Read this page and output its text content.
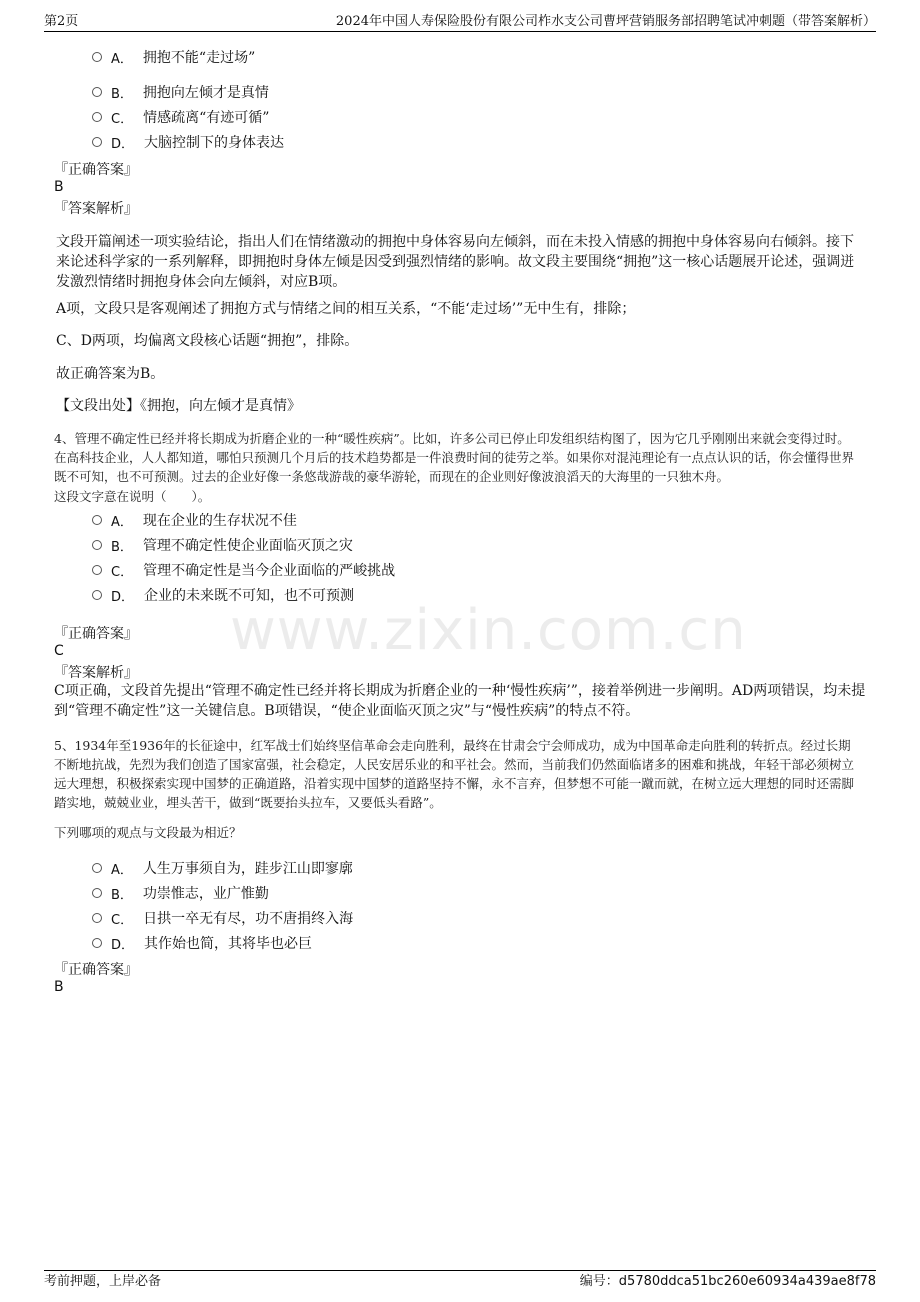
第2页	2024年中国人寿保险股份有限公司柞水支公司曹坪营销服务部招聘笔试冲刺题（带答案解析）
www.zixin.com.cn
A． 拥抱不能“走过场”
B． 拥抱向左倾才是真情
C． 情感疏离“有迹可循”
D． 大脑控制下的身体表达
『正确答案』
B
『答案解析』
文段开篇阐述一项实验结论，指出人们在情绪激动的拥抱中身体容易向左倾斜，而在未投入情感的拥抱中身体容易向右倾斜。接下来论述科学家的一系列解释，即拥抱时身体左倾是因受到强烈情绪的影响。故文段主要围绕“拥抱”这一核心话题展开论述，强调迸发激烈情绪时拥抱身体会向左倾斜，对应B项。
A项，文段只是客观阐述了拥抱方式与情绪之间的相互关系，“不能‘走过场’”无中生有，排除；
C、D两项，均偏离文段核心话题“拥抱”，排除。
故正确答案为B。
【文段出处】《拥抱，向左倾才是真情》
4、管理不确定性已经并将长期成为折磨企业的一种“暖性疾病”。比如，许多公司已停止印发组织结构图了，因为它几乎刚刚出来就会变得过时。在高科技企业，人人都知道，哪怕只预测几个月后的技术趋势都是一件浪费时间的徒劳之举。如果你对混沌理论有一点点认识的话，你会懂得世界既不可知，也不可预测。过去的企业好像一条悠哉游哉的豪华游轮，而现在的企业则好像波浪滔天的大海里的一只独木舟。
这段文字意在说明（　　）。
A． 现在企业的生存状况不佳
B． 管理不确定性使企业面临灭顶之灾
C． 管理不确定性是当今企业面临的严峻挑战
D． 企业的未来既不可知，也不可预测
『正确答案』
C
『答案解析』
C项正确，文段首先提出“管理不确定性已经并将长期成为折磨企业的一种‘慢性疾病’”，接着举例进一步阐明。AD两项错误，均未提到“管理不确定性”这一关键信息。B项错误，“使企业面临灭顶之灾”与“慢性疾病”的特点不符。
5、1934年至1936年的长征途中，红军战士们始终坚信革命会走向胜利，最终在甘肃会宁会师成功，成为中国革命走向胜利的转折点。经过长期不断地抗战，先烈为我们创造了国家富强，社会稳定，人民安居乐业的和平社会。然而，当前我们仍然面临诸多的困难和挑战，年轻干部必须树立远大理想，积极探索实现中国梦的正确道路，沿着实现中国梦的道路坚持不懈，永不言弃，但梦想不可能一蹴而就，在树立远大理想的同时还需脚踏实地，兢兢业业，埋头苦干，做到“既要抬头拉车，又要低头看路”。
下列哪项的观点与文段最为相近？
A． 人生万事须自为，跬步江山即寥廓
B． 功崇惟志，业广惟勤
C． 日拱一卒无有尽，功不唐捐终入海
D． 其作始也简，其将毕也必巨
『正确答案』
B
考前押题，上岸必备	编号：d5780ddca51bc260e60934a439ae8f78
